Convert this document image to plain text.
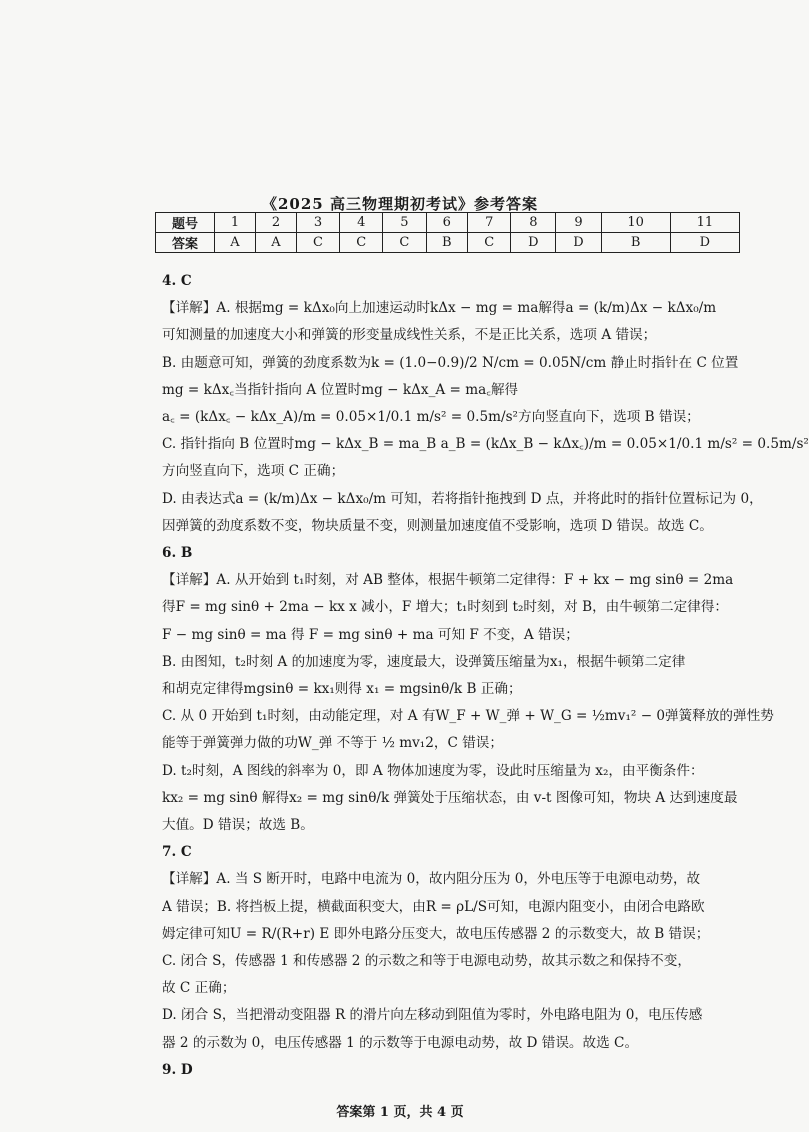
《2025 高三物理期初考试》参考答案
题号	1	2	3	4	5	6	7	8	9	10	11
答案	A	A	C	C	C	B	C	D	D	B	D
4. C
【详解】A. 根据mg = kΔx₀向上加速运动时kΔx − mg = ma解得a = (k/m)Δx − kΔx₀/m
可知测量的加速度大小和弹簧的形变量成线性关系，不是正比关系，选项 A 错误；
B. 由题意可知，弹簧的劲度系数为k = (1.0−0.9)/2 N/cm = 0.05N/cm 静止时指针在 C 位置
mg = kΔx꜀当指针指向 A 位置时mg − kΔx_A = ma꜀解得
a꜀ = (kΔx꜀ − kΔx_A)/m = 0.05×1/0.1 m/s² = 0.5m/s²方向竖直向下，选项 B 错误；
C. 指针指向 B 位置时mg − kΔx_B = ma_B a_B = (kΔx_B − kΔx꜀)/m = 0.05×1/0.1 m/s² = 0.5m/s²
方向竖直向下，选项 C 正确；
D. 由表达式a = (k/m)Δx − kΔx₀/m 可知，若将指针拖拽到 D 点，并将此时的指针位置标记为 0，
因弹簧的劲度系数不变，物块质量不变，则测量加速度值不受影响，选项 D 错误。故选 C。
6. B
【详解】A. 从开始到 t₁时刻，对 AB 整体，根据牛顿第二定律得：F + kx − mg sinθ = 2ma
得F = mg sinθ + 2ma − kx x 减小，F 增大；t₁时刻到 t₂时刻，对 B，由牛顿第二定律得：
F − mg sinθ = ma 得 F = mg sinθ + ma 可知 F 不变，A 错误；
B. 由图知，t₂时刻 A 的加速度为零，速度最大，设弹簧压缩量为x₁，根据牛顿第二定律
和胡克定律得mgsinθ = kx₁则得 x₁ = mgsinθ/k B 正确；
C. 从 0 开始到 t₁时刻，由动能定理，对 A 有W_F + W_弹 + W_G = ½mv₁² − 0弹簧释放的弹性势
能等于弹簧弹力做的功W_弹 不等于 ½ mv₁2，C 错误；
D. t₂时刻，A 图线的斜率为 0，即 A 物体加速度为零，设此时压缩量为 x₂，由平衡条件：
kx₂ = mg sinθ 解得x₂ = mg sinθ/k 弹簧处于压缩状态，由 v-t 图像可知，物块 A 达到速度最
大值。D 错误；故选 B。
7. C
【详解】A. 当 S 断开时，电路中电流为 0，故内阻分压为 0，外电压等于电源电动势，故
A 错误；B. 将挡板上提，横截面积变大，由R = ρL/S可知，电源内阻变小，由闭合电路欧
姆定律可知U = R/(R+r) E 即外电路分压变大，故电压传感器 2 的示数变大，故 B 错误；
C. 闭合 S，传感器 1 和传感器 2 的示数之和等于电源电动势，故其示数之和保持不变，
故 C 正确；
D. 闭合 S，当把滑动变阻器 R 的滑片向左移动到阻值为零时，外电路电阻为 0，电压传感
器 2 的示数为 0，电压传感器 1 的示数等于电源电动势，故 D 错误。故选 C。
9. D
答案第 1 页，共 4 页
